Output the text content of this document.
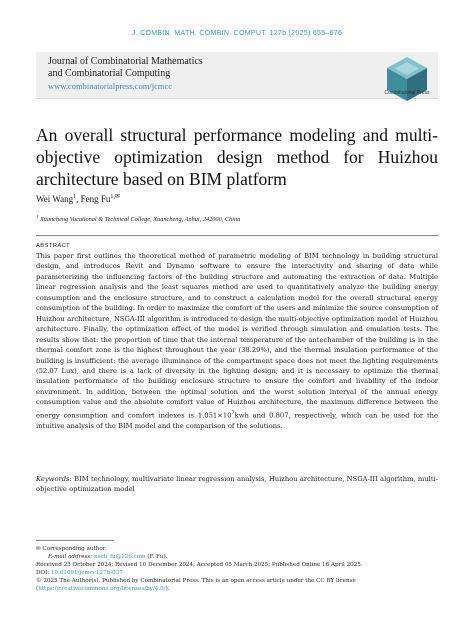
J. COMBIN. MATH. COMBIN. COMPUT. 127b (2025) 655–676
Journal of Combinatorial Mathematics
and Combinatorial Computing
www.combinatorialpress.com/jcmcc
Combinatorial Press
An overall structural performance modeling and multi-objective optimization design method for Huizhou architecture based on BIM platform
Wei Wang$^1$, Feng $Fu^{1,✉}$
$^1$ Xuancheng Vocational & Technical College, Xuancheng, Anhui, 242000, China
ABSTRACT

This paper first outlines the theoretical method of parametric modeling of BIM technology in building structural design, and introduces Revit and Dynamo software to ensure the interactivity and sharing of data while parameterizing the influencing factors of the building structure and automating the extraction of data. Multiple linear regression analysis and the least squares method are used to quantitatively analyze the building energy consumption and the enclosure structure, and to construct a calculation model for the overall structural energy consumption of the building. In order to maximize the comfort of the users and minimize the source consumption of Huizhou architecture, NSGA-III algorithm is introduced to design the multi-objective optimization model of Huizhou architecture. Finally, the optimization effect of the model is verified through simulation and emulation tests. The results show that: the proportion of time that the internal temperature of the antechamber of the building is in the thermal comfort zone is the highest throughout the year (38.29%), and the thermal insulation performance of the building is insufficient: the average illuminance of the compartment space does not meet the lighting requirements (52.07 Lux), and there is a lack of diversity in the lighting design; and it is necessary to optimize the thermal insulation performance of the building enclosure structure to ensure the comfort and livability of the indoor environment. In addition, between the optimal solution and the worst solution interval of the annual energy consumption value and the absolute comfort value of Huizhou architecture, the maximum difference between the energy consumption and comfort indexes is $1.051\times 10^7kwh$ and 0.807, respectively, which can be used for the intuitive analysis of the BIM model and the comparison of the solutions.

Keywords: BIM technology, multivariate linear regression analysis, Huizhou architecture, NSGA-III algorithm, multi-objective optimization model

✉ Corresponding author.
E-mail address: nsch_fu@126.com (F. Fu).
Received 25 October 2024; Revised 10 December 2024; Accepted 05 March 2025; Published Online 16 April 2025.
DOI: 10.61091/jcmcc127b-037
© 2025 The Author(s). Published by Combinatorial Press. This is an open access article under the CC BY license
(https://creativecommons.org/licenses/by/4.0/).
